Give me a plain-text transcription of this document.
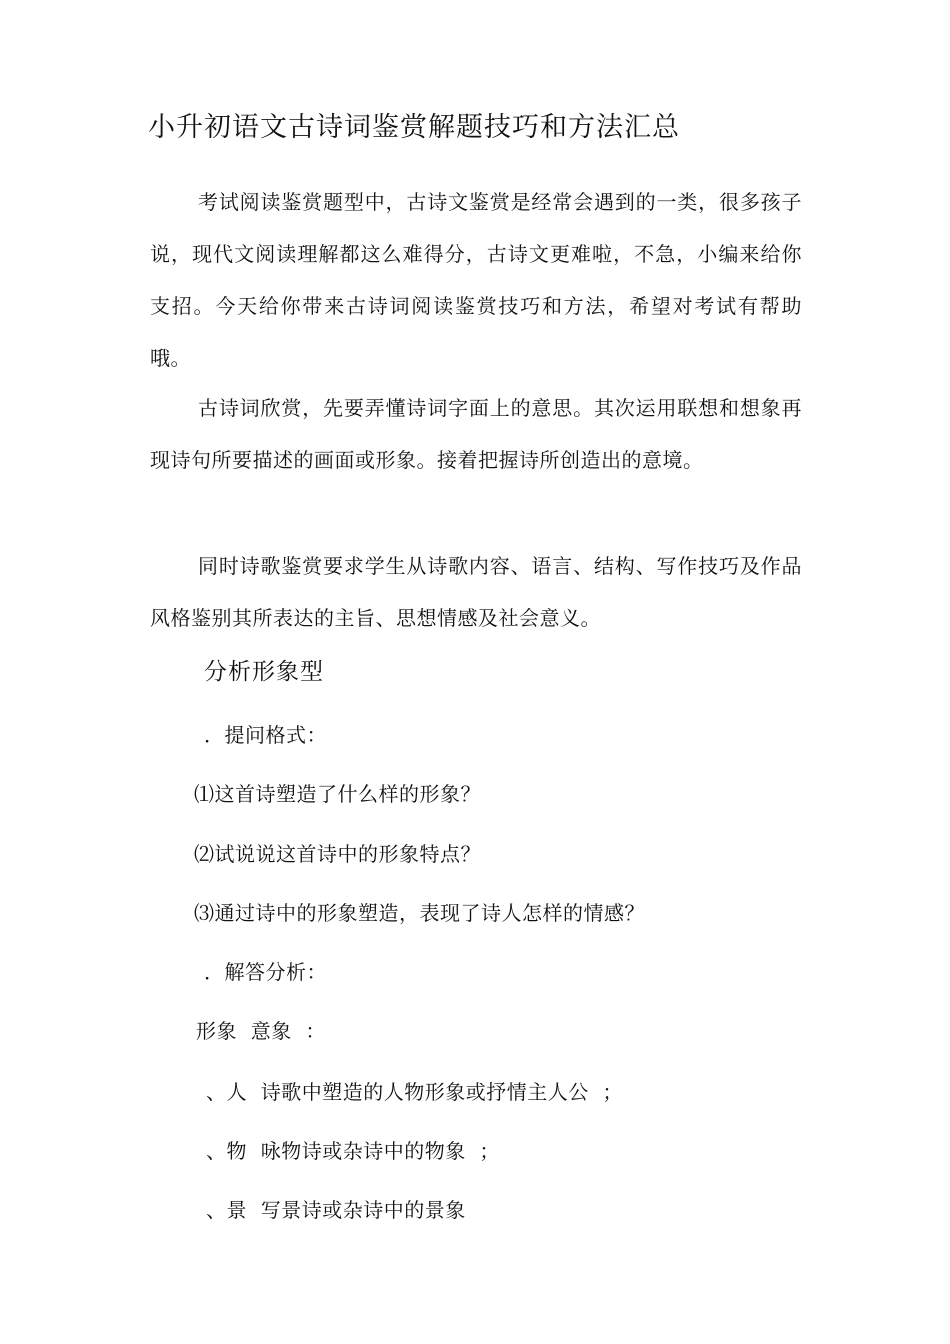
小升初语文古诗词鉴赏解题技巧和方法汇总
考试阅读鉴赏题型中，古诗文鉴赏是经常会遇到的一类，很多孩子说，现代文阅读理解都这么难得分，古诗文更难啦，不急，小编来给你支招。今天给你带来古诗词阅读鉴赏技巧和方法，希望对考试有帮助哦。
古诗词欣赏，先要弄懂诗词字面上的意思。其次运用联想和想象再现诗句所要描述的画面或形象。接着把握诗所创造出的意境。
同时诗歌鉴赏要求学生从诗歌内容、语言、结构、写作技巧及作品风格鉴别其所表达的主旨、思想情感及社会意义。
分析形象型
．提问格式：
⑴这首诗塑造了什么样的形象？
⑵试说说这首诗中的形象特点？
⑶通过诗中的形象塑造，表现了诗人怎样的情感？
．解答分析：
形象  意象  ：
、人  诗歌中塑造的人物形象或抒情主人公  ；
、物  咏物诗或杂诗中的物象  ；
、景  写景诗或杂诗中的景象
